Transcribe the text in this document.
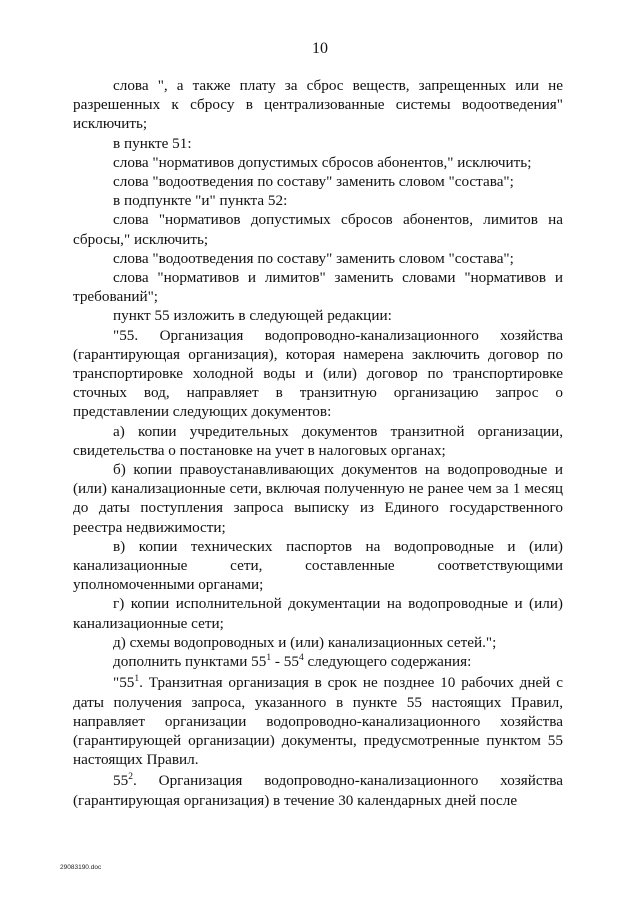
10

слова ", а также плату за сброс веществ, запрещенных или не разрешенных к сбросу в централизованные системы водоотведения" исключить;

в пункте 51:

слова "нормативов допустимых сбросов абонентов," исключить;

слова "водоотведения по составу" заменить словом "состава";

в подпункте "и" пункта 52:

слова "нормативов допустимых сбросов абонентов, лимитов на сбросы," исключить;

слова "водоотведения по составу" заменить словом "состава";

слова "нормативов и лимитов" заменить словами "нормативов и требований";

пункт 55 изложить в следующей редакции:

"55. Организация водопроводно-канализационного хозяйства (гарантирующая организация), которая намерена заключить договор по транспортировке холодной воды и (или) договор по транспортировке сточных вод, направляет в транзитную организацию запрос о представлении следующих документов:

а) копии учредительных документов транзитной организации, свидетельства о постановке на учет в налоговых органах;

б) копии правоустанавливающих документов на водопроводные и (или) канализационные сети, включая полученную не ранее чем за 1 месяц до даты поступления запроса выписку из Единого государственного реестра недвижимости;

в) копии технических паспортов на водопроводные и (или) канализационные сети, составленные соответствующими уполномоченными органами;

г) копии исполнительной документации на водопроводные и (или) канализационные сети;

д) схемы водопроводных и (или) канализационных сетей.";

дополнить пунктами $55^1 - 55^4$ следующего содержания:

"$55^1$. Транзитная организация в срок не позднее 10 рабочих дней с даты получения запроса, указанного в пункте 55 настоящих Правил, направляет организации водопроводно-канализационного хозяйства (гарантирующей организации) документы, предусмотренные пунктом 55 настоящих Правил.

$55^2$. Организация водопроводно-канализационного хозяйства (гарантирующая организация) в течение 30 календарных дней после

29083190.doc
